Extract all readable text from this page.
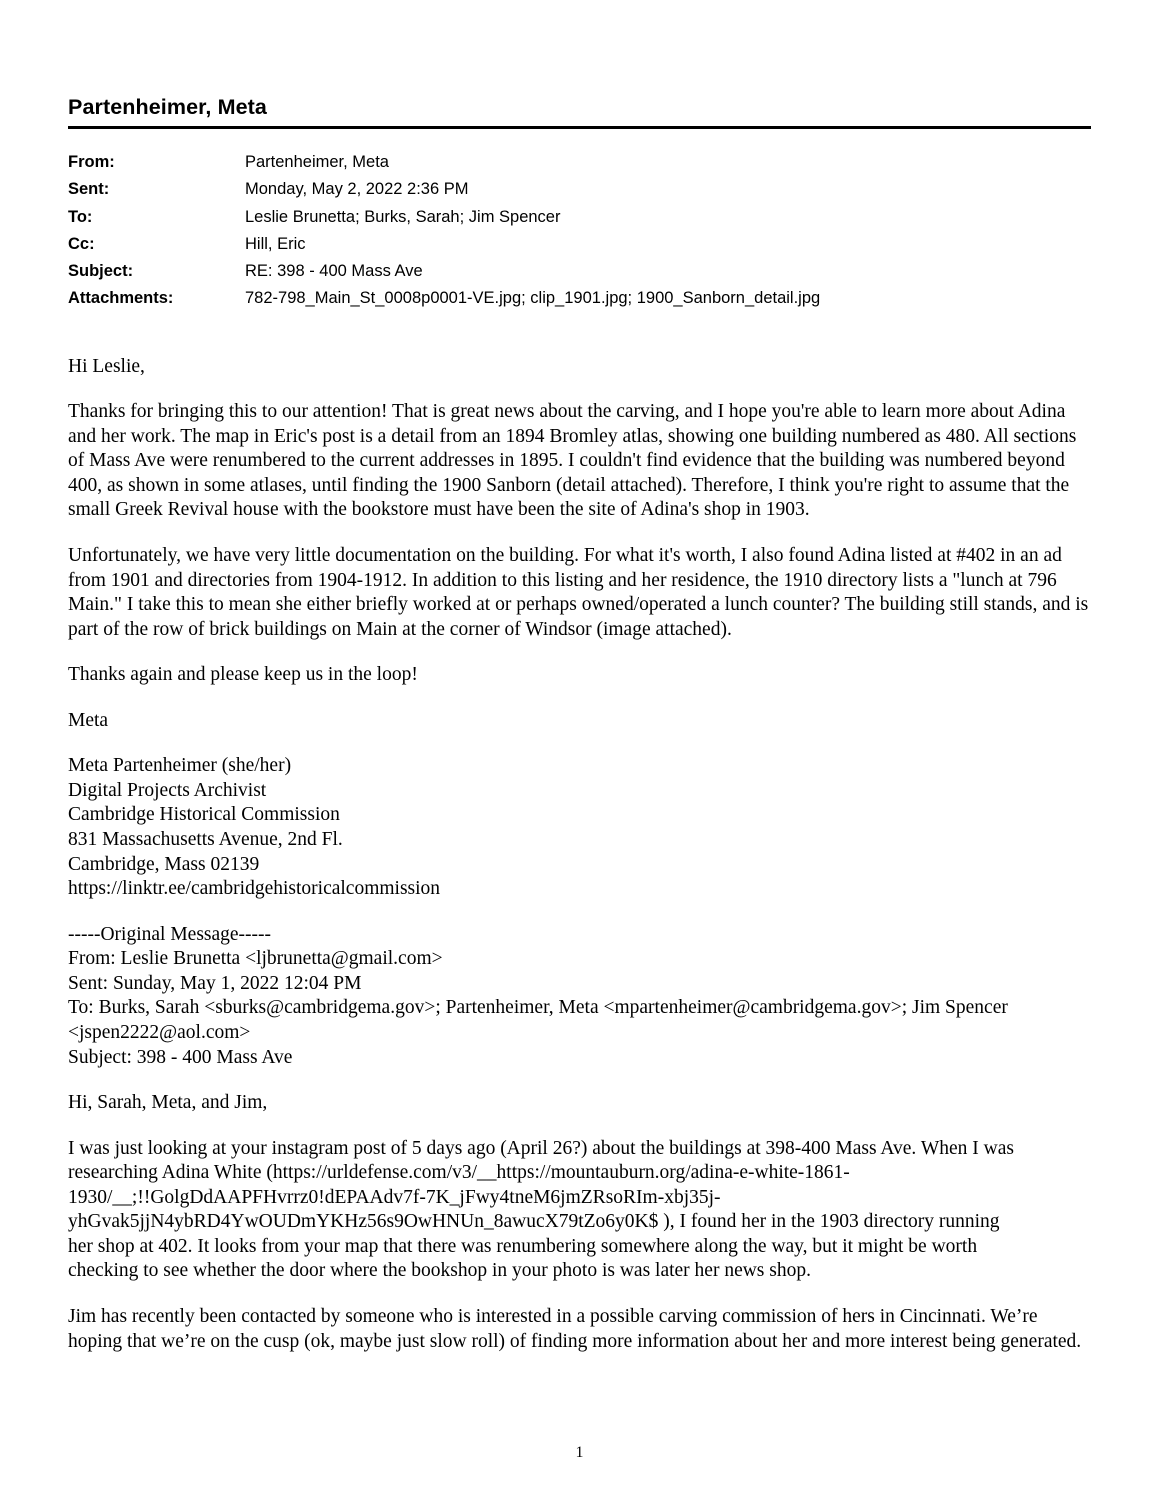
Partenheimer, Meta
From:	Partenheimer, Meta
Sent:	Monday, May 2, 2022 2:36 PM
To:	Leslie Brunetta; Burks, Sarah; Jim Spencer
Cc:	Hill, Eric
Subject:	RE: 398 - 400 Mass Ave
Attachments:	782-798_Main_St_0008p0001-VE.jpg; clip_1901.jpg; 1900_Sanborn_detail.jpg

Hi Leslie,

Thanks for bringing this to our attention! That is great news about the carving, and I hope you're able to learn more about Adina and her work. The map in Eric's post is a detail from an 1894 Bromley atlas, showing one building numbered as 480. All sections of Mass Ave were renumbered to the current addresses in 1895. I couldn't find evidence that the building was numbered beyond 400, as shown in some atlases, until finding the 1900 Sanborn (detail attached). Therefore, I think you're right to assume that the small Greek Revival house with the bookstore must have been the site of Adina's shop in 1903.

Unfortunately, we have very little documentation on the building. For what it's worth, I also found Adina listed at #402 in an ad from 1901 and directories from 1904-1912. In addition to this listing and her residence, the 1910 directory lists a "lunch at 796 Main." I take this to mean she either briefly worked at or perhaps owned/operated a lunch counter? The building still stands, and is part of the row of brick buildings on Main at the corner of Windsor (image attached).

Thanks again and please keep us in the loop!

Meta

Meta Partenheimer (she/her)
Digital Projects Archivist
Cambridge Historical Commission
831 Massachusetts Avenue, 2nd Fl.
Cambridge, Mass 02139
https://linktr.ee/cambridgehistoricalcommission
-----Original Message-----
From: Leslie Brunetta <ljbrunetta@gmail.com>
Sent: Sunday, May 1, 2022 12:04 PM
To: Burks, Sarah <sburks@cambridgema.gov>; Partenheimer, Meta <mpartenheimer@cambridgema.gov>; Jim Spencer
<jspen2222@aol.com>
Subject: 398 - 400 Mass Ave

Hi, Sarah, Meta, and Jim,

I was just looking at your instagram post of 5 days ago (April 26?) about the buildings at 398-400 Mass Ave. When I was
researching Adina White (https://urldefense.com/v3/__https://mountauburn.org/adina-e-white-1861-
1930/__;!!GolgDdAAPFHvrrz0!dEPAAdv7f-7K_jFwy4tneM6jmZRsoRIm-xbj35j-
yhGvak5jjN4ybRD4YwOUDmYKHz56s9OwHNUn_8awucX79tZo6y0K$ ), I found her in the 1903 directory running
her shop at 402. It looks from your map that there was renumbering somewhere along the way, but it might be worth
checking to see whether the door where the bookshop in your photo is was later her news shop.

Jim has recently been contacted by someone who is interested in a possible carving commission of hers in Cincinnati. We’re hoping that we’re on the cusp (ok, maybe just slow roll) of finding more information about her and more interest being generated.

1
